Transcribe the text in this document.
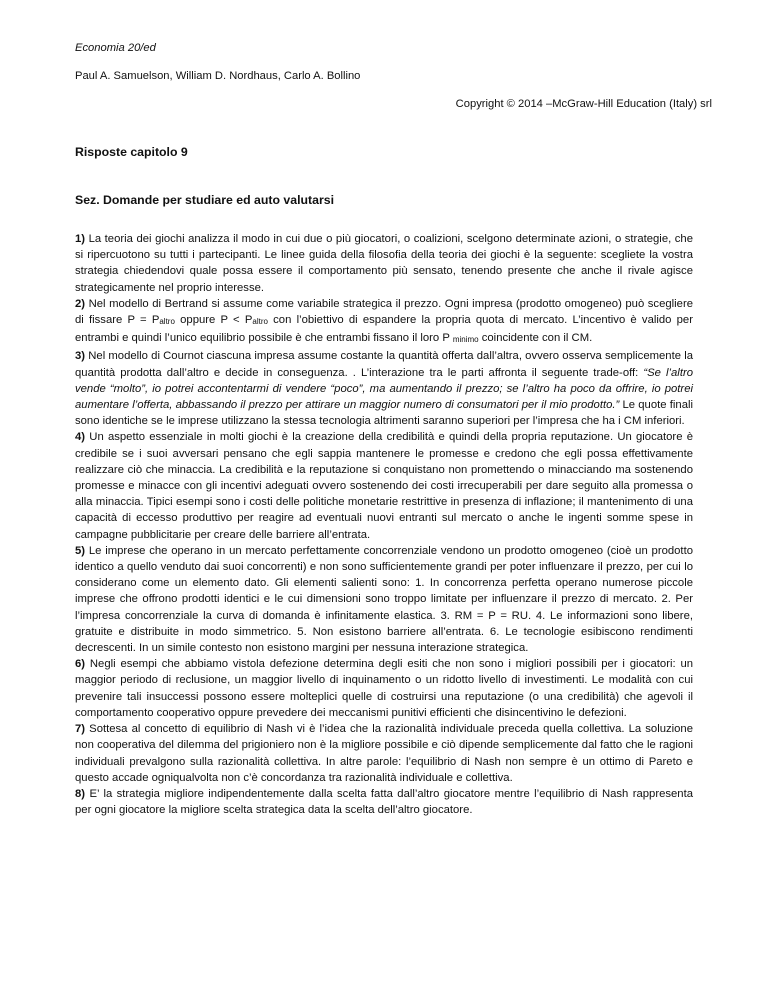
Economia 20/ed
Paul A. Samuelson, William D. Nordhaus, Carlo A. Bollino
Copyright © 2014 –McGraw-Hill Education (Italy) srl
Risposte capitolo 9
Sez. Domande per studiare ed auto valutarsi

1) La teoria dei giochi analizza il modo in cui due o più giocatori, o coalizioni, scelgono determinate azioni, o strategie, che si ripercuotono su tutti i partecipanti. Le linee guida della filosofia della teoria dei giochi è la seguente: scegliete la vostra strategia chiedendovi quale possa essere il comportamento più sensato, tenendo presente che anche il rivale agisce strategicamente nel proprio interesse.

2) Nel modello di Bertrand si assume come variabile strategica il prezzo. Ogni impresa (prodotto omogeneo) può scegliere di fissare P = Paltro oppure P < Paltro con l’obiettivo di espandere la propria quota di mercato. L’incentivo è valido per entrambi e quindi l’unico equilibrio possibile è che entrambi fissano il loro P minimo coincidente con il CM.

3) Nel modello di Cournot ciascuna impresa assume costante la quantità offerta dall’altra, ovvero osserva semplicemente la quantità prodotta dall’altro e decide in conseguenza. . L’interazione tra le parti affronta il seguente trade-off: “Se l’altro vende “molto”, io potrei accontentarmi di vendere “poco”, ma aumentando il prezzo; se l’altro ha poco da offrire, io potrei aumentare l’offerta, abbassando il prezzo per attirare un maggior numero di consumatori per il mio prodotto.” Le quote finali sono identiche se le imprese utilizzano la stessa tecnologia altrimenti saranno superiori per l’impresa che ha i CM inferiori.

4) Un aspetto essenziale in molti giochi è la creazione della credibilità e quindi della propria reputazione. Un giocatore è credibile se i suoi avversari pensano che egli sappia mantenere le promesse e credono che egli possa effettivamente realizzare ciò che minaccia. La credibilità e la reputazione si conquistano non promettendo o minacciando ma sostenendo promesse e minacce con gli incentivi adeguati ovvero sostenendo dei costi irrecuperabili per dare seguito alla promessa o alla minaccia. Tipici esempi sono i costi delle politiche monetarie restrittive in presenza di inflazione; il mantenimento di una capacità di eccesso produttivo per reagire ad eventuali nuovi entranti sul mercato o anche le ingenti somme spese in campagne pubblicitarie per creare delle barriere all’entrata.

5) Le imprese che operano in un mercato perfettamente concorrenziale vendono un prodotto omogeneo (cioè un prodotto identico a quello venduto dai suoi concorrenti) e non sono sufficientemente grandi per poter influenzare il prezzo, per cui lo considerano come un elemento dato. Gli elementi salienti sono: 1. In concorrenza perfetta operano numerose piccole imprese che offrono prodotti identici e le cui dimensioni sono troppo limitate per influenzare il prezzo di mercato. 2. Per l’impresa concorrenziale la curva di domanda è infinitamente elastica. 3. RM = P = RU. 4. Le informazioni sono libere, gratuite e distribuite in modo simmetrico. 5. Non esistono barriere all’entrata. 6. Le tecnologie esibiscono rendimenti decrescenti. In un simile contesto non esistono margini per nessuna interazione strategica.

6) Negli esempi che abbiamo vistola defezione determina degli esiti che non sono i migliori possibili per i giocatori: un maggior periodo di reclusione, un maggior livello di inquinamento o un ridotto livello di investimenti. Le modalità con cui prevenire tali insuccessi possono essere molteplici quelle di costruirsi una reputazione (o una credibilità) che agevoli il comportamento cooperativo oppure prevedere dei meccanismi punitivi efficienti che disincentivino le defezioni.

7) Sottesa al concetto di equilibrio di Nash vi è l’idea che la razionalità individuale preceda quella collettiva. La soluzione non cooperativa del dilemma del prigioniero non è la migliore possibile e ciò dipende semplicemente dal fatto che le ragioni individuali prevalgono sulla razionalità collettiva. In altre parole: l’equilibrio di Nash non sempre è un ottimo di Pareto e questo accade ogniqualvolta non c’è concordanza tra razionalità individuale e collettiva.

8) E’ la strategia migliore indipendentemente dalla scelta fatta dall’altro giocatore mentre l’equilibrio di Nash rappresenta per ogni giocatore la migliore scelta strategica data la scelta dell’altro giocatore.
